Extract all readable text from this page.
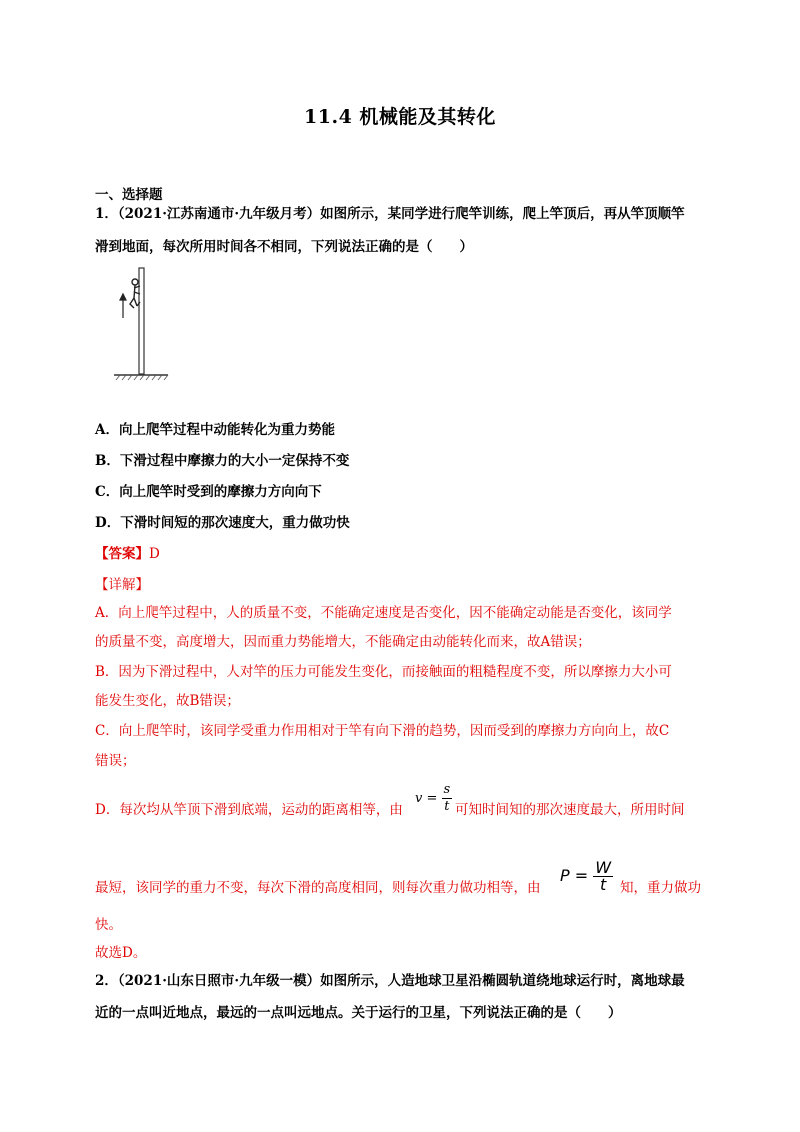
11.4 机械能及其转化
一、选择题
1．（2021·江苏南通市·九年级月考）如图所示，某同学进行爬竿训练，爬上竿顶后，再从竿顶顺竿
滑到地面，每次所用时间各不相同，下列说法正确的是（　　）
A．向上爬竿过程中动能转化为重力势能
B．下滑过程中摩擦力的大小一定保持不变
C．向上爬竿时受到的摩擦力方向向下
D．下滑时间短的那次速度大，重力做功快
【答案】D
【详解】
A．向上爬竿过程中，人的质量不变，不能确定速度是否变化，因不能确定动能是否变化，该同学
的质量不变，高度增大，因而重力势能增大，不能确定由动能转化而来，故A错误；
B．因为下滑过程中，人对竿的压力可能发生变化，而接触面的粗糙程度不变，所以摩擦力大小可
能发生变化，故B错误；
C．向上爬竿时，该同学受重力作用相对于竿有向下滑的趋势，因而受到的摩擦力方向向上，故C
错误；
D．每次均从竿顶下滑到底端，运动的距离相等，由
$v = \frac{s}{t}$ 可知时间知的那次速度最大，所用时间
最短，该同学的重力不变，每次下滑的高度相同，则每次重力做功相等，由
$P = \frac{W}{t}$ 知，重力做功
快。
故选D。
2．（2021·山东日照市·九年级一模）如图所示，人造地球卫星沿椭圆轨道绕地球运行时，离地球最
近的一点叫近地点，最远的一点叫远地点。关于运行的卫星，下列说法正确的是（　　）
